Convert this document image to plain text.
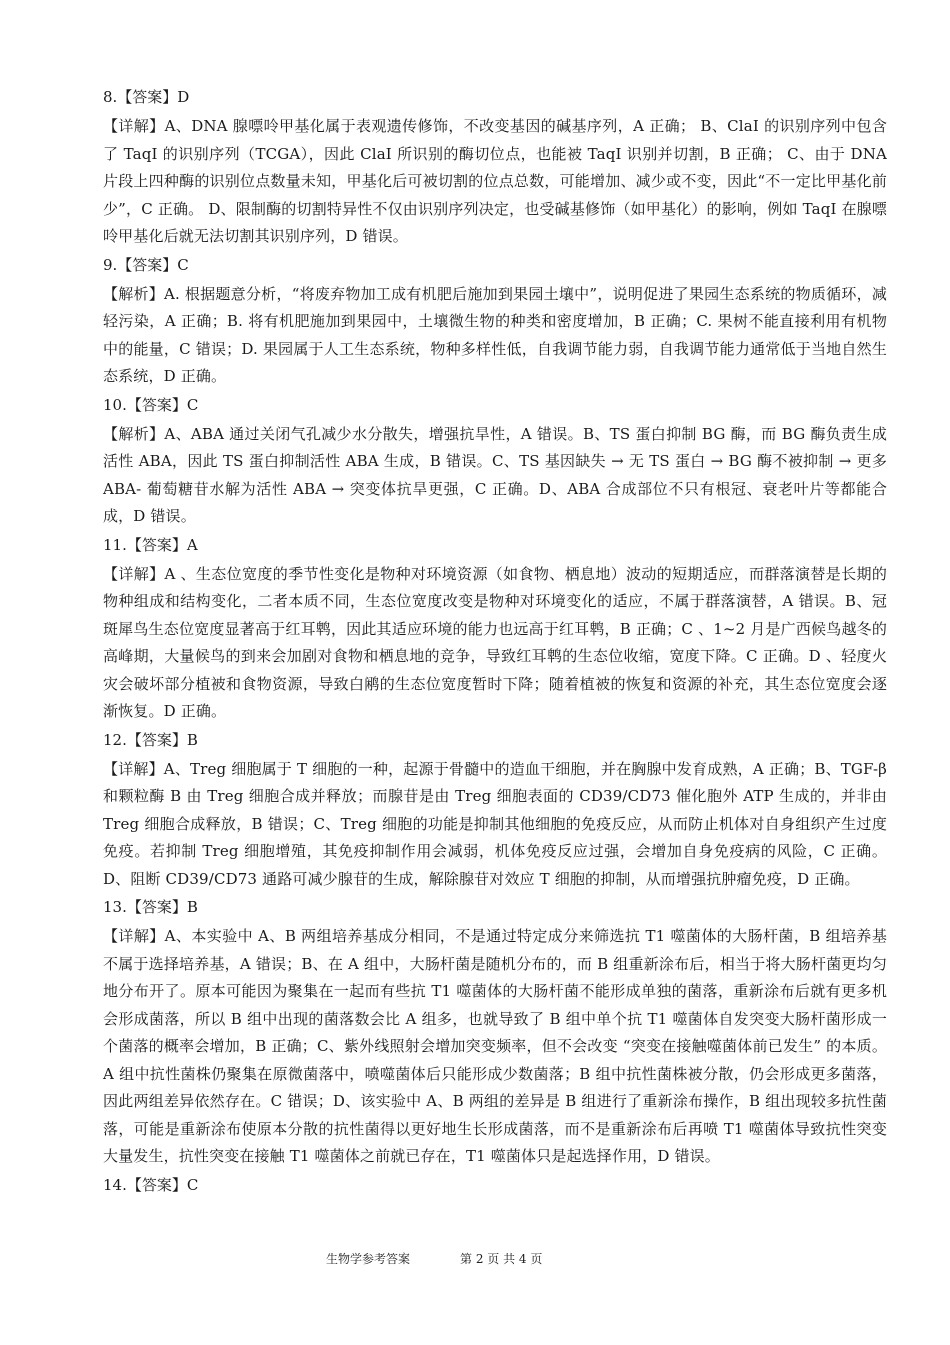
8.【答案】D
【详解】A、DNA 腺嘌呤甲基化属于表观遗传修饰，不改变基因的碱基序列，A 正确； B、ClaI 的识别序列中包含了 TaqI 的识别序列（TCGA），因此 ClaI 所识别的酶切位点，也能被 TaqI 识别并切割，B 正确； C、由于 DNA 片段上四种酶的识别位点数量未知，甲基化后可被切割的位点总数，可能增加、减少或不变，因此“不一定比甲基化前少”，C 正确。 D、限制酶的切割特异性不仅由识别序列决定，也受碱基修饰（如甲基化）的影响，例如 TaqI 在腺嘌呤甲基化后就无法切割其识别序列，D 错误。
9.【答案】C
【解析】A. 根据题意分析，“将废弃物加工成有机肥后施加到果园土壤中”，说明促进了果园生态系统的物质循环，减轻污染，A 正确；B. 将有机肥施加到果园中，土壤微生物的种类和密度增加，B 正确；C. 果树不能直接利用有机物中的能量，C 错误；D. 果园属于人工生态系统，物种多样性低，自我调节能力弱，自我调节能力通常低于当地自然生态系统，D 正确。
10.【答案】C
【解析】A、ABA 通过关闭气孔减少水分散失，增强抗旱性，A 错误。B、TS 蛋白抑制 BG 酶，而 BG 酶负责生成活性 ABA，因此 TS 蛋白抑制活性 ABA 生成，B 错误。C、TS 基因缺失 → 无 TS 蛋白 → BG 酶不被抑制 → 更多 ABA- 葡萄糖苷水解为活性 ABA → 突变体抗旱更强，C 正确。D、ABA 合成部位不只有根冠、衰老叶片等都能合成，D 错误。
11.【答案】A
【详解】A 、生态位宽度的季节性变化是物种对环境资源（如食物、栖息地）波动的短期适应，而群落演替是长期的物种组成和结构变化，二者本质不同，生态位宽度改变是物种对环境变化的适应，不属于群落演替，A 错误。B、冠斑犀鸟生态位宽度显著高于红耳鹎，因此其适应环境的能力也远高于红耳鹎，B 正确；C 、1~2 月是广西候鸟越冬的高峰期，大量候鸟的到来会加剧对食物和栖息地的竞争，导致红耳鹎的生态位收缩，宽度下降。C 正确。D 、轻度火灾会破坏部分植被和食物资源，导致白鹇的生态位宽度暂时下降；随着植被的恢复和资源的补充，其生态位宽度会逐渐恢复。D 正确。
12.【答案】B
【详解】A、Treg 细胞属于 T 细胞的一种，起源于骨髓中的造血干细胞，并在胸腺中发育成熟，A 正确；B、TGF-β 和颗粒酶 B 由 Treg 细胞合成并释放；而腺苷是由 Treg 细胞表面的 CD39/CD73 催化胞外 ATP 生成的，并非由 Treg 细胞合成释放，B 错误；C、Treg 细胞的功能是抑制其他细胞的免疫反应，从而防止机体对自身组织产生过度免疫。若抑制 Treg 细胞增殖，其免疫抑制作用会减弱，机体免疫反应过强，会增加自身免疫病的风险，C 正确。 D、阻断 CD39/CD73 通路可减少腺苷的生成，解除腺苷对效应 T 细胞的抑制，从而增强抗肿瘤免疫，D 正确。
13.【答案】B
【详解】A、本实验中 A、B 两组培养基成分相同，不是通过特定成分来筛选抗 T1 噬菌体的大肠杆菌，B 组培养基不属于选择培养基，A 错误；B、在 A 组中，大肠杆菌是随机分布的，而 B 组重新涂布后，相当于将大肠杆菌更均匀地分布开了。原本可能因为聚集在一起而有些抗 T1 噬菌体的大肠杆菌不能形成单独的菌落，重新涂布后就有更多机会形成菌落，所以 B 组中出现的菌落数会比 A 组多，也就导致了 B 组中单个抗 T1 噬菌体自发突变大肠杆菌形成一个菌落的概率会增加，B 正确；C、紫外线照射会增加突变频率，但不会改变 “突变在接触噬菌体前已发生” 的本质。A 组中抗性菌株仍聚集在原微菌落中，喷噬菌体后只能形成少数菌落；B 组中抗性菌株被分散，仍会形成更多菌落，因此两组差异依然存在。C 错误；D、该实验中 A、B 两组的差异是 B 组进行了重新涂布操作，B 组出现较多抗性菌落，可能是重新涂布使原本分散的抗性菌得以更好地生长形成菌落，而不是重新涂布后再喷 T1 噬菌体导致抗性突变大量发生，抗性突变在接触 T1 噬菌体之前就已存在，T1 噬菌体只是起选择作用，D 错误。
14.【答案】C
生物学参考答案	第 2 页 共 4 页
